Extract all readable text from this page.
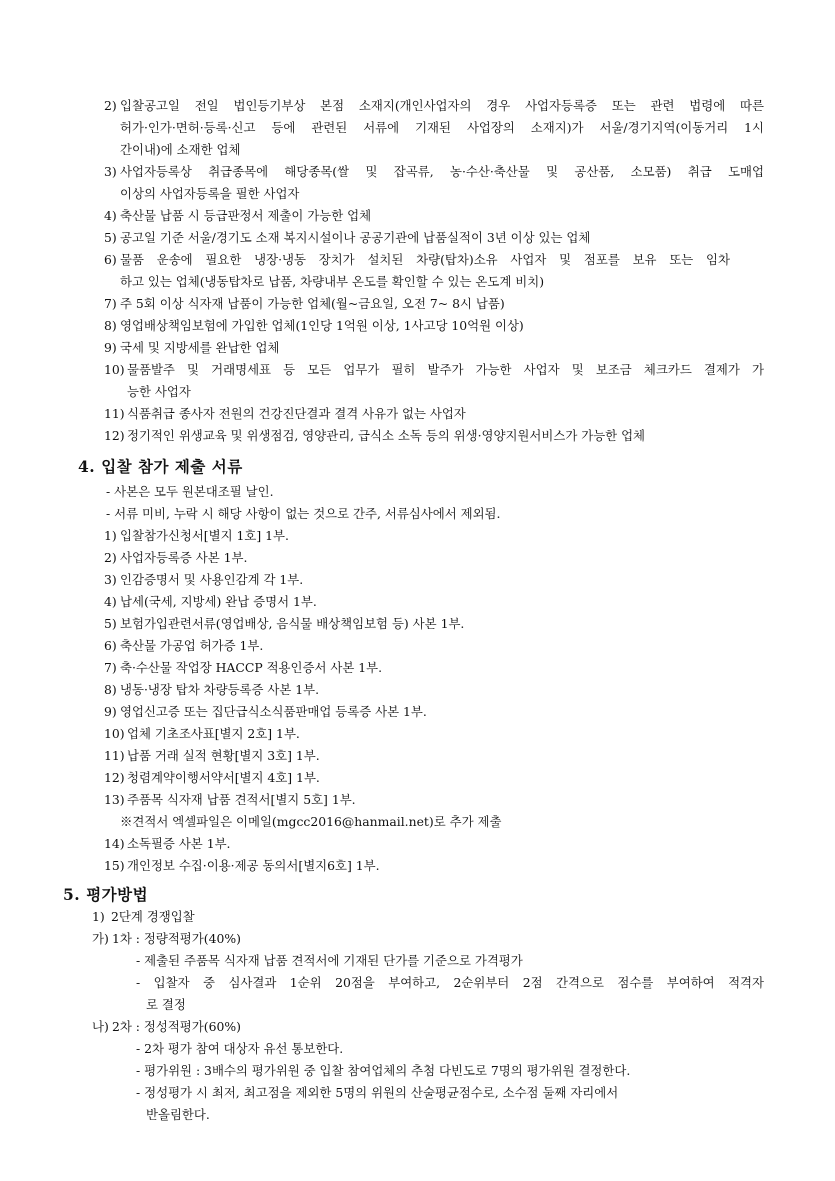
2) 입찰공고일 전일 법인등기부상 본점 소재지(개인사업자의 경우 사업자등록증 또는 관련 법령에 따른
허가·인가·면허·등록·신고 등에 관련된 서류에 기재된 사업장의 소재지)가 서울/경기지역(이동거리 1시
간이내)에 소재한 업체
3) 사업자등록상 취급종목에 해당종목(쌀 및 잡곡류, 농·수산·축산물 및 공산품, 소모품) 취급 도매업
이상의 사업자등록을 필한 사업자
4) 축산물 납품 시 등급판정서 제출이 가능한 업체
5) 공고일 기준 서울/경기도 소재 복지시설이나 공공기관에 납품실적이 3년 이상 있는 업체
6) 물품 운송에 필요한 냉장·냉동 장치가 설치된 차량(탑차)소유 사업자 및 점포를 보유 또는 임차
하고 있는 업체(냉동탑차로 납품, 차량내부 온도를 확인할 수 있는 온도계 비치)
7) 주 5회 이상 식자재 납품이 가능한 업체(월~금요일, 오전 7~ 8시 납품)
8) 영업배상책임보험에 가입한 업체(1인당 1억원 이상, 1사고당 10억원 이상)
9) 국세 및 지방세를 완납한 업체
10) 물품발주 및 거래명세표 등 모든 업무가 필히 발주가 가능한 사업자 및 보조금 체크카드 결제가 가
능한 사업자
11) 식품취급 종사자 전원의 건강진단결과 결격 사유가 없는 사업자
12) 정기적인 위생교육 및 위생점검, 영양관리, 급식소 소독 등의 위생·영양지원서비스가 가능한 업체
4. 입찰 참가 제출 서류
- 사본은 모두 원본대조필 날인.
- 서류 미비, 누락 시 해당 사항이 없는 것으로 간주, 서류심사에서 제외됨.
1) 입찰참가신청서[별지 1호] 1부.
2) 사업자등록증 사본 1부.
3) 인감증명서 및 사용인감계 각 1부.
4) 납세(국세, 지방세) 완납 증명서 1부.
5) 보험가입관련서류(영업배상, 음식물 배상책임보험 등) 사본 1부.
6) 축산물 가공업 허가증 1부.
7) 축·수산물 작업장 HACCP 적용인증서 사본 1부.
8) 냉동·냉장 탑차 차량등록증 사본 1부.
9) 영업신고증 또는 집단급식소식품판매업 등록증 사본 1부.
10) 업체 기초조사표[별지 2호] 1부.
11) 납품 거래 실적 현황[별지 3호] 1부.
12) 청렴계약이행서약서[별지 4호] 1부.
13) 주품목 식자재 납품 견적서[별지 5호] 1부.
※견적서 엑셀파일은 이메일(mgcc2016@hanmail.net)로 추가 제출
14) 소독필증 사본 1부.
15) 개인정보 수집·이용·제공 동의서[별지6호] 1부.
5. 평가방법
1) 2단계 경쟁입찰
가) 1차 : 정량적평가(40%)
- 제출된 주품목 식자재 납품 견적서에 기재된 단가를 기준으로 가격평가
- 입찰자 중 심사결과 1순위 20점을 부여하고, 2순위부터 2점 간격으로 점수를 부여하여 적격자
로 결정
나) 2차 : 정성적평가(60%)
- 2차 평가 참여 대상자 유선 통보한다.
- 평가위원 : 3배수의 평가위원 중 입찰 참여업체의 추첨 다빈도로 7명의 평가위원 결정한다.
- 정성평가 시 최저, 최고점을 제외한 5명의 위원의 산술평균점수로, 소수점 둘째 자리에서
반올림한다.
